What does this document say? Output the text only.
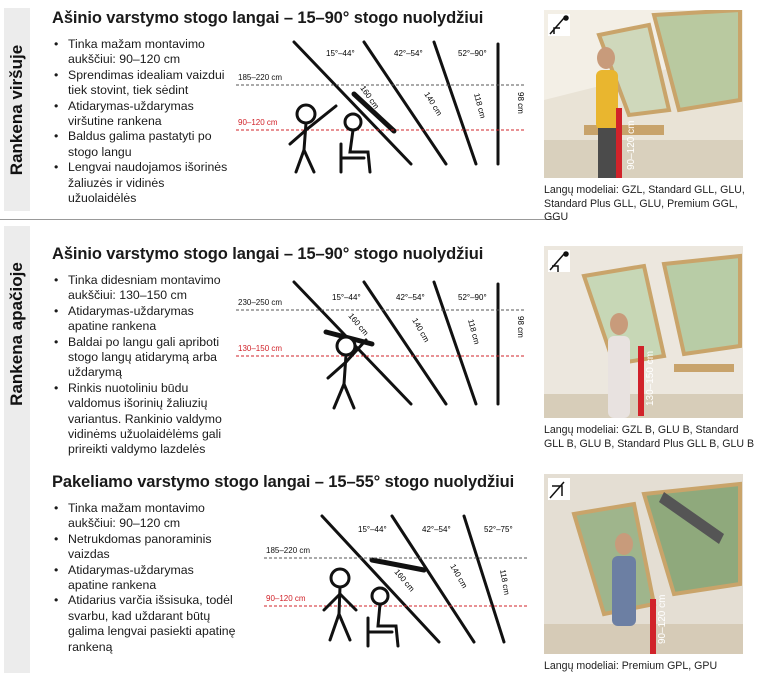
Rankena viršuje
Rankena apačioje
Ašinio varstymo stogo langai – 15–90° stogo nuolydžiui
• Tinka mažam montavimo aukščiui: 90–120 cm
• Sprendimas idealiam vaizdui tiek stovint, tiek sėdint
• Atidarymas-uždarymas viršutine rankena
• Baldus galima pastatyti po stogo langu
• Lengvai naudojamos išorinės žaliuzės ir vidinės užuolaidėlės
185–220 cm
90–120 cm
15°–44°	42°–54°	52°–90°
160 cm	140 cm	118 cm	98 cm
90–120 cm
Langų modeliai: GZL, Standard GLL, GLU, Standard Plus GLL, GLU, Premium GGL, GGU
Ašinio varstymo stogo langai – 15–90° stogo nuolydžiui
• Tinka didesniam montavimo aukščiui: 130–150 cm
• Atidarymas-uždarymas apatine rankena
• Baldai po langu gali apriboti stogo langų atidarymą arba uždarymą
• Rinkis nuotoliniu būdu valdomus išorinių žaliuzių variantus. Rankinio valdymo vidinėms užuolaidėlėms gali prireikti valdymo lazdelės
230–250 cm
130–150 cm
15°–44°	42°–54°	52°–90°
160 cm	140 cm	118 cm	98 cm
130–150 cm
Langų modeliai: GZL B, GLU B, Standard GLL B, GLU B, Standard Plus GLL B, GLU B
Pakeliamo varstymo stogo langai – 15–55° stogo nuolydžiui
• Tinka mažam montavimo aukščiui: 90–120 cm
• Netrukdomas panoraminis vaizdas
• Atidarymas-uždarymas apatine rankena
• Atidarius varčia išsisuka, todėl svarbu, kad uždarant būtų galima lengvai pasiekti apatinę rankeną
185–220 cm
90–120 cm
15°–44°	42°–54°	52°–75°
160 cm	140 cm	118 cm
90–120 cm
Langų modeliai: Premium GPL, GPU
